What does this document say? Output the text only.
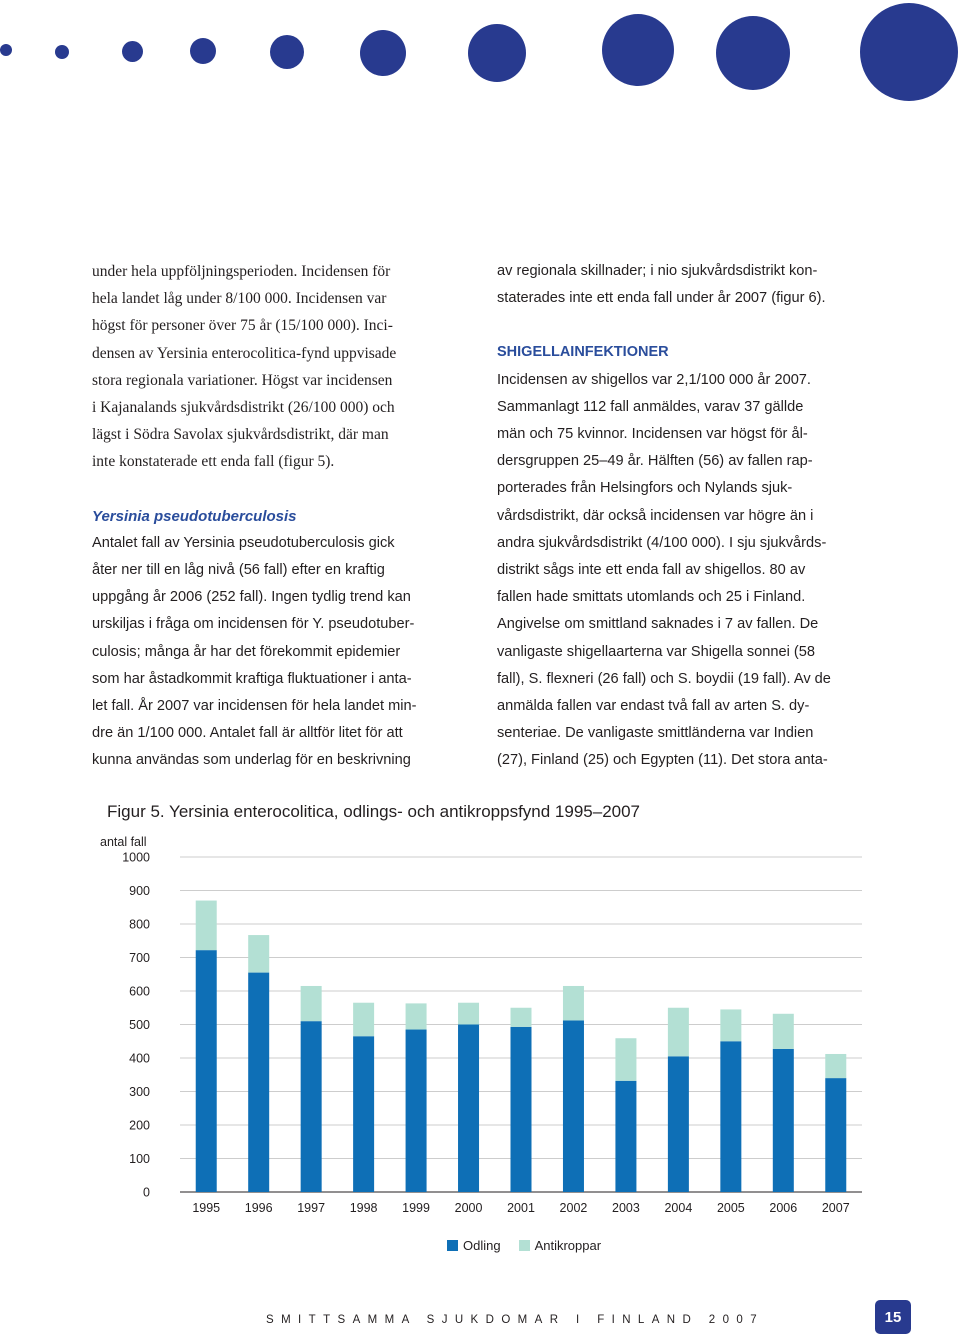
under hela uppföljningsperioden. Incidensen för
hela landet låg under 8/100 000. Incidensen var
högst för personer över 75 år (15/100 000). Inci-
densen av Yersinia enterocolitica-fynd uppvisade
stora regionala variationer. Högst var incidensen
i Kajanalands sjukvårdsdistrikt (26/100 000) och
lägst i Södra Savolax sjukvårdsdistrikt, där man
inte konstaterade ett enda fall (figur 5).

Yersinia pseudotuberculosis

Antalet fall av Yersinia pseudotuberculosis gick
åter ner till en låg nivå (56 fall) efter en kraftig
uppgång år 2006 (252 fall). Ingen tydlig trend kan
urskiljas i fråga om incidensen för Y. pseudotuber-
culosis; många år har det förekommit epidemier
som har åstadkommit kraftiga fluktuationer i anta-
let fall. År 2007 var incidensen för hela landet min-
dre än 1/100 000. Antalet fall är alltför litet för att
kunna användas som underlag för en beskrivning

av regionala skillnader; i nio sjukvårdsdistrikt kon-
staterades inte ett enda fall under år 2007 (figur 6).

SHIGELLAINFEKTIONER

Incidensen av shigellos var 2,1/100 000 år 2007.
Sammanlagt 112 fall anmäldes, varav 37 gällde
män och 75 kvinnor. Incidensen var högst för ål-
dersgruppen 25–49 år. Hälften (56) av fallen rap-
porterades från Helsingfors och Nylands sjuk-
vårdsdistrikt, där också incidensen var högre än i
andra sjukvårdsdistrikt (4/100 000). I sju sjukvårds-
distrikt sågs inte ett enda fall av shigellos. 80 av
fallen hade smittats utomlands och 25 i Finland.
Angivelse om smittland saknades i 7 av fallen. De
vanligaste shigellaarterna var Shigella sonnei (58
fall), S. flexneri (26 fall) och S. boydii (19 fall). Av de
anmälda fallen var endast två fall av arten S. dy-
senteriae. De vanligaste smittländerna var Indien
(27), Finland (25) och Egypten (11). Det stora anta-

Figur 5. Yersinia enterocolitica, odlings- och antikroppsfynd 1995–2007
0
100
200
300
400
500
600
700
800
900
1000
antal fall
1995 1996 1997 1998 1999 2000 2001 2002 2003 2004 2005 2006 2007
Odling	Antikroppar
SMITTSAMMA SJUKDOMAR I FINLAND 2007	15
